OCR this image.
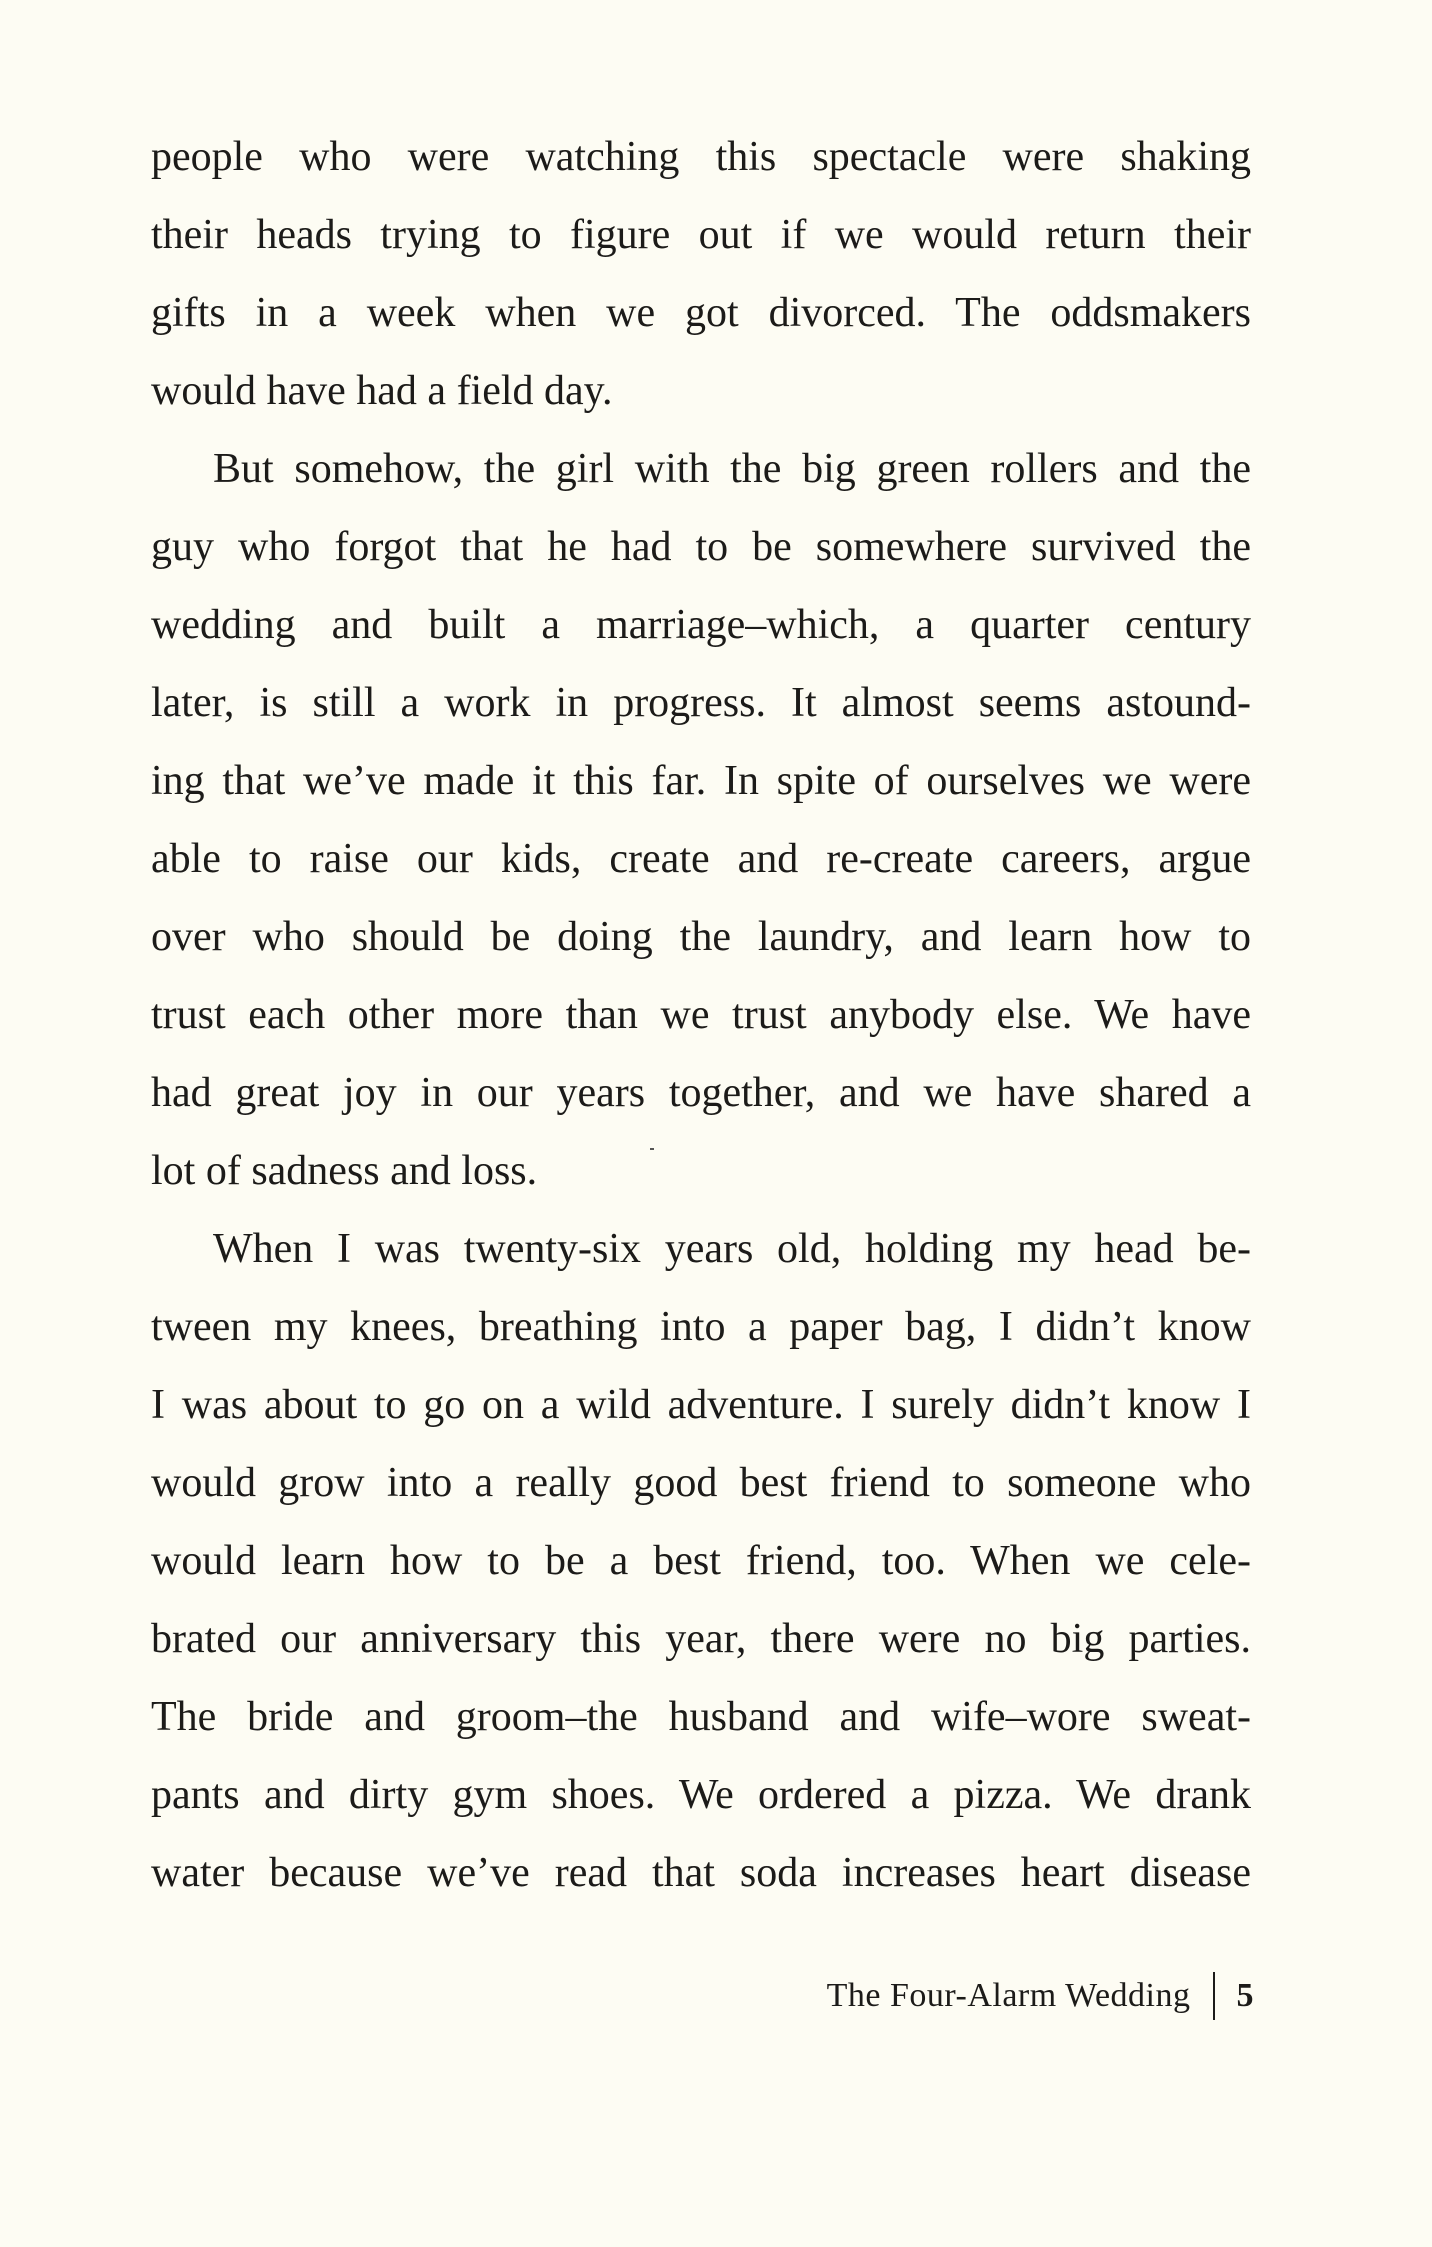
people who were watching this spectacle were shaking
their heads trying to figure out if we would return their
gifts in a week when we got divorced. The oddsmakers
would have had a field day.
But somehow, the girl with the big green rollers and the
guy who forgot that he had to be somewhere survived the
wedding and built a marriage–which, a quarter century
later, is still a work in progress. It almost seems astound-
ing that we’ve made it this far. In spite of ourselves we were
able to raise our kids, create and re-create careers, argue
over who should be doing the laundry, and learn how to
trust each other more than we trust anybody else. We have
had great joy in our years together, and we have shared a
lot of sadness and loss.
When I was twenty-six years old, holding my head be-
tween my knees, breathing into a paper bag, I didn’t know
I was about to go on a wild adventure. I surely didn’t know I
would grow into a really good best friend to someone who
would learn how to be a best friend, too. When we cele-
brated our anniversary this year, there were no big parties.
The bride and groom–the husband and wife–wore sweat-
pants and dirty gym shoes. We ordered a pizza. We drank
water because we’ve read that soda increases heart disease
The Four-Alarm Wedding 5
